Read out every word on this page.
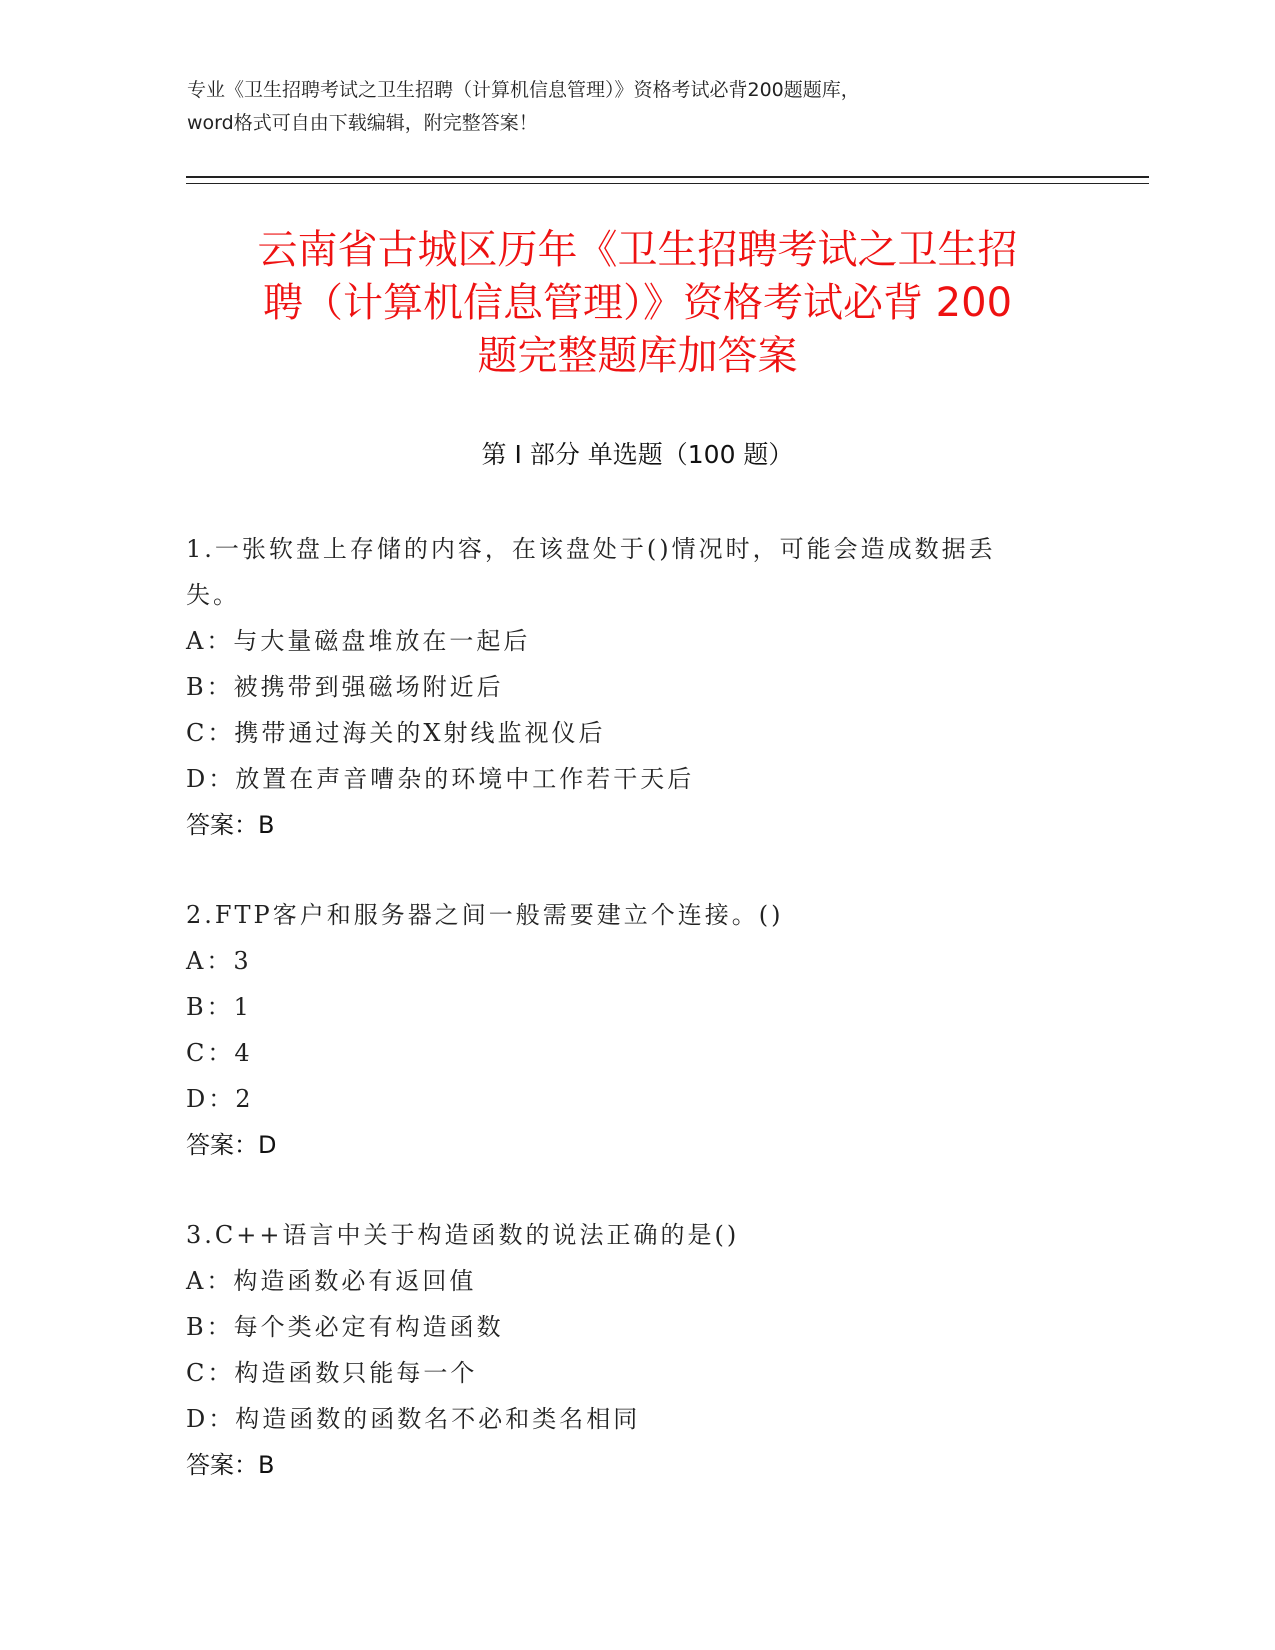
专业《卫生招聘考试之卫生招聘（计算机信息管理）》资格考试必背200题题库，
word格式可自由下载编辑，附完整答案！
云南省古城区历年《卫生招聘考试之卫生招
聘（计算机信息管理）》资格考试必背 200
题完整题库加答案
第 I 部分 单选题（100 题）
1.一张软盘上存储的内容，在该盘处于()情况时，可能会造成数据丢
失。
A：与大量磁盘堆放在一起后
B：被携带到强磁场附近后
C：携带通过海关的X射线监视仪后
D：放置在声音嘈杂的环境中工作若干天后
答案：B
2.FTP客户和服务器之间一般需要建立个连接。()
A：3
B：1
C：4
D：2
答案：D
3.C++语言中关于构造函数的说法正确的是()
A：构造函数必有返回值
B：每个类必定有构造函数
C：构造函数只能每一个
D：构造函数的函数名不必和类名相同
答案：B
